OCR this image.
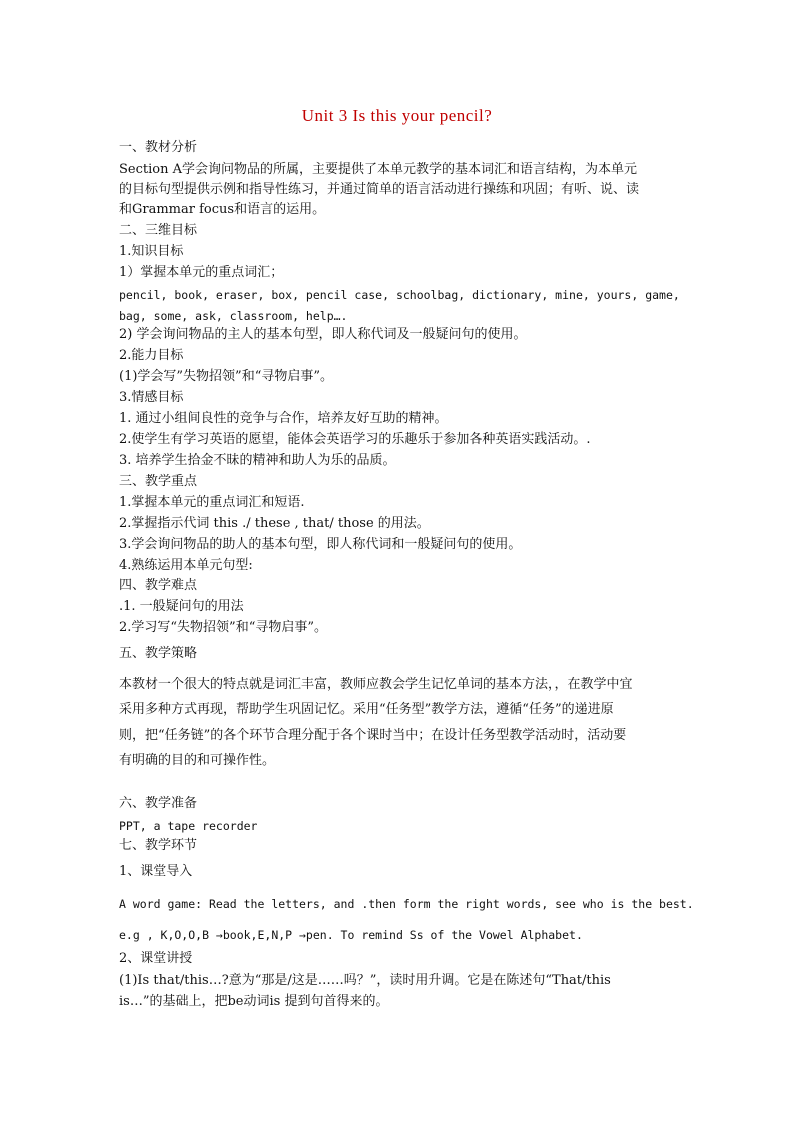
Unit 3 Is this your pencil?
一、教材分析
Section A学会询问物品的所属，主要提供了本单元教学的基本词汇和语言结构，为本单元
的目标句型提供示例和指导性练习，并通过简单的语言活动进行操练和巩固；有听、说、读
和Grammar focus和语言的运用。
二、三维目标
1.知识目标
1）掌握本单元的重点词汇；
pencil, book, eraser, box, pencil case, schoolbag, dictionary, mine, yours, game,
bag, some, ask, classroom, help….
2) 学会询问物品的主人的基本句型，即人称代词及一般疑问句的使用。
2.能力目标
(1)学会写”失物招领”和“寻物启事”。
3.情感目标
1. 通过小组间良性的竞争与合作，培养友好互助的精神。
2.使学生有学习英语的愿望，能体会英语学习的乐趣乐于参加各种英语实践活动。.
3. 培养学生拾金不昧的精神和助人为乐的品质。
三、教学重点
1.掌握本单元的重点词汇和短语.
2.掌握指示代词 this ./ these , that/ those 的用法。
3.学会询问物品的助人的基本句型，即人称代词和一般疑问句的使用。
4.熟练运用本单元句型:
四、教学难点
.1. 一般疑问句的用法
2.学习写“失物招领”和“寻物启事”。
五、教学策略
本教材一个很大的特点就是词汇丰富，教师应教会学生记忆单词的基本方法，，在教学中宜
采用多种方式再现，帮助学生巩固记忆。采用“任务型”教学方法，遵循“任务”的递进原
则，把“任务链”的各个环节合理分配于各个课时当中；在设计任务型教学活动时，活动要
有明确的目的和可操作性。
六、教学准备
PPT, a tape recorder
七、教学环节
1、课堂导入
A word game: Read the letters, and .then form the right words, see who is the best.
e.g , K,O,O,B →book,E,N,P →pen. To remind Ss of the Vowel Alphabet.
2、课堂讲授
(1)Is that/this…?意为“那是/这是……吗？”，读时用升调。它是在陈述句“That/this
is…”的基础上，把be动词is 提到句首得来的。
